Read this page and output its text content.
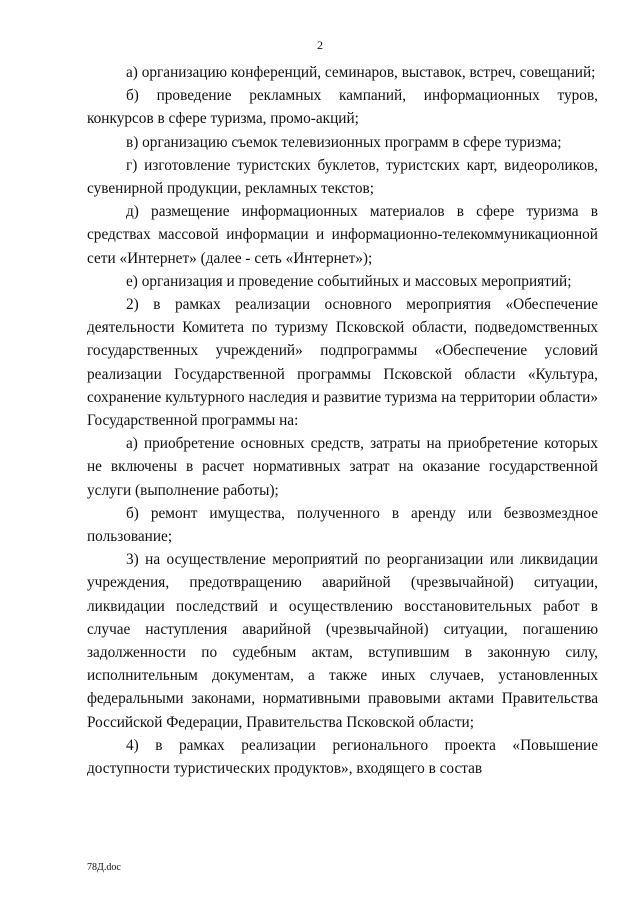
2

а) организацию конференций, семинаров, выставок, встреч, совещаний;

б) проведение рекламных кампаний, информационных туров, конкурсов в сфере туризма, промо-акций;

в) организацию съемок телевизионных программ в сфере туризма;

г) изготовление туристских буклетов, туристских карт, видеороликов, сувенирной продукции, рекламных текстов;

д) размещение информационных материалов в сфере туризма в средствах массовой информации и информационно-телекоммуникационной сети «Интернет» (далее - сеть «Интернет»);

е) организация и проведение событийных и массовых мероприятий;

2) в рамках реализации основного мероприятия «Обеспечение деятельности Комитета по туризму Псковской области, подведомственных государственных учреждений» подпрограммы «Обеспечение условий реализации Государственной программы Псковской области «Культура, сохранение культурного наследия и развитие туризма на территории области» Государственной программы на:

а) приобретение основных средств, затраты на приобретение которых не включены в расчет нормативных затрат на оказание государственной услуги (выполнение работы);

б) ремонт имущества, полученного в аренду или безвозмездное пользование;

3) на осуществление мероприятий по реорганизации или ликвидации учреждения, предотвращению аварийной (чрезвычайной) ситуации, ликвидации последствий и осуществлению восстановительных работ в случае наступления аварийной (чрезвычайной) ситуации, погашению задолженности по судебным актам, вступившим в законную силу, исполнительным документам, а также иных случаев, установленных федеральными законами, нормативными правовыми актами Правительства Российской Федерации, Правительства Псковской области;

4) в рамках реализации регионального проекта «Повышение доступности туристических продуктов», входящего в состав

78Д.doc
